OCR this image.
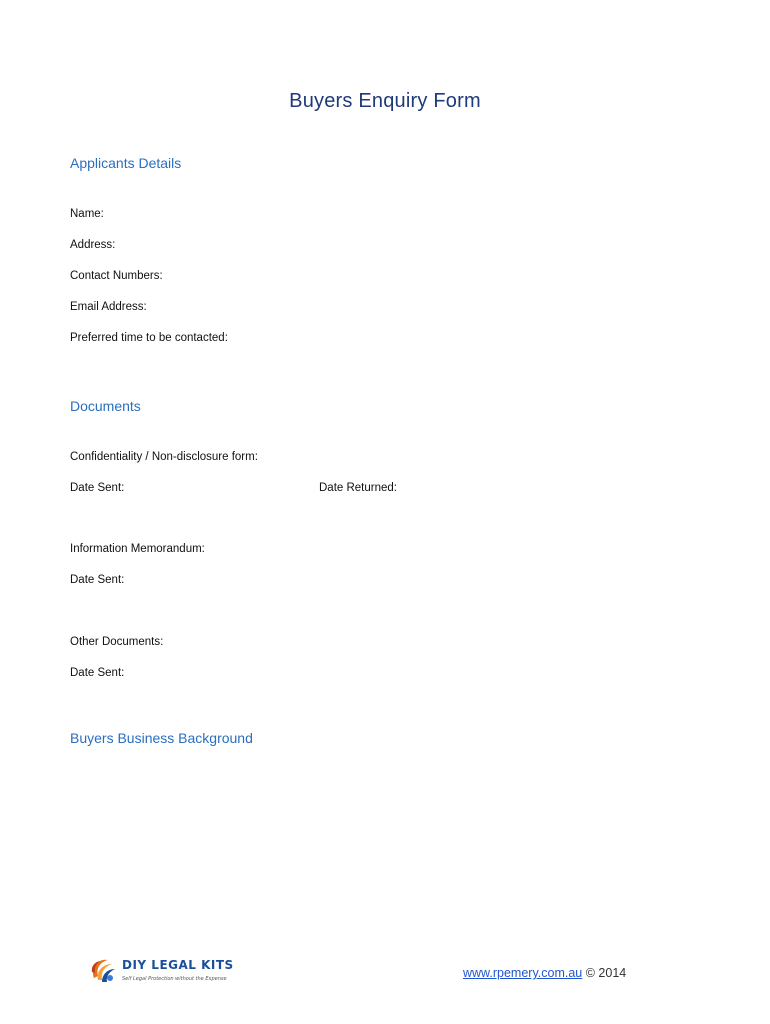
Buyers Enquiry Form
Applicants Details
Name:
Address:
Contact Numbers:
Email Address:
Preferred time to be contacted:
Documents
Confidentiality / Non-disclosure form:
Date Sent:	Date Returned:
Information Memorandum:
Date Sent:
Other Documents:
Date Sent:
Buyers Business Background
DIY LEGAL KITS
Self Legal Protection without the Expense	www.rpemery.com.au © 2014
